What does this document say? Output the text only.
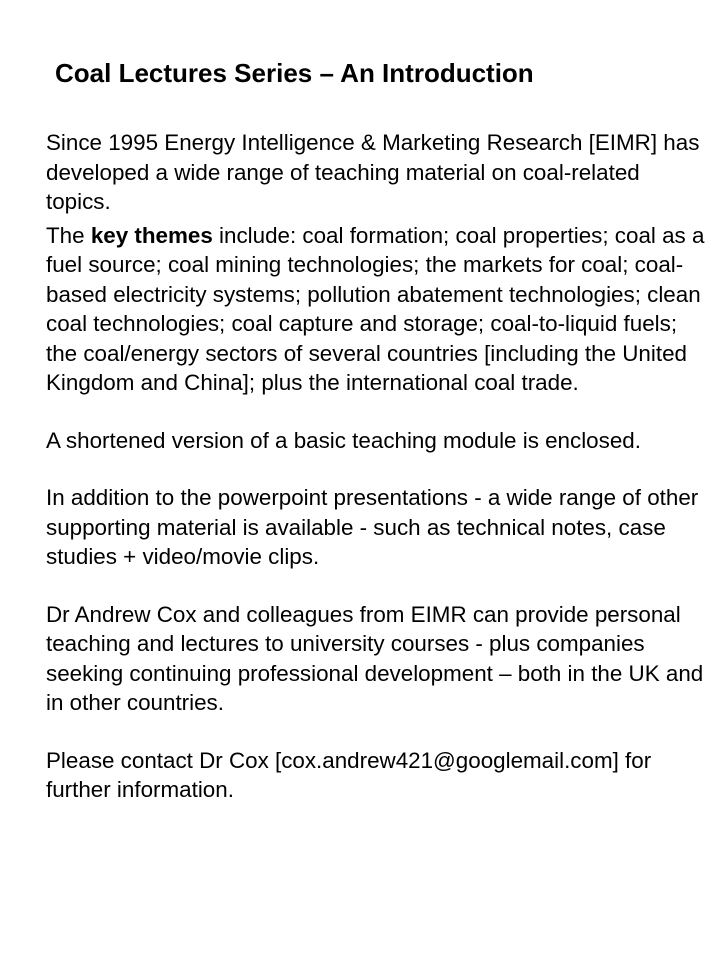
Coal Lectures Series – An Introduction

Since 1995 Energy Intelligence & Marketing Research [EIMR] has developed a wide range of teaching material on coal-related topics.

The key themes include: coal formation; coal properties; coal as a fuel source; coal mining technologies; the markets for coal; coal-based electricity systems; pollution abatement technologies; clean coal technologies; coal capture and storage; coal-to-liquid fuels; the coal/energy sectors of several countries [including the United Kingdom and China]; plus the international coal trade.

A shortened version of a basic teaching module is enclosed.

In addition to the powerpoint presentations - a wide range of other supporting material is available - such as technical notes, case studies + video/movie clips.

Dr Andrew Cox and colleagues from EIMR can provide personal teaching and lectures to university courses - plus companies seeking continuing professional development – both in the UK and in other countries.

Please contact Dr Cox [cox.andrew421@googlemail.com] for further information.
